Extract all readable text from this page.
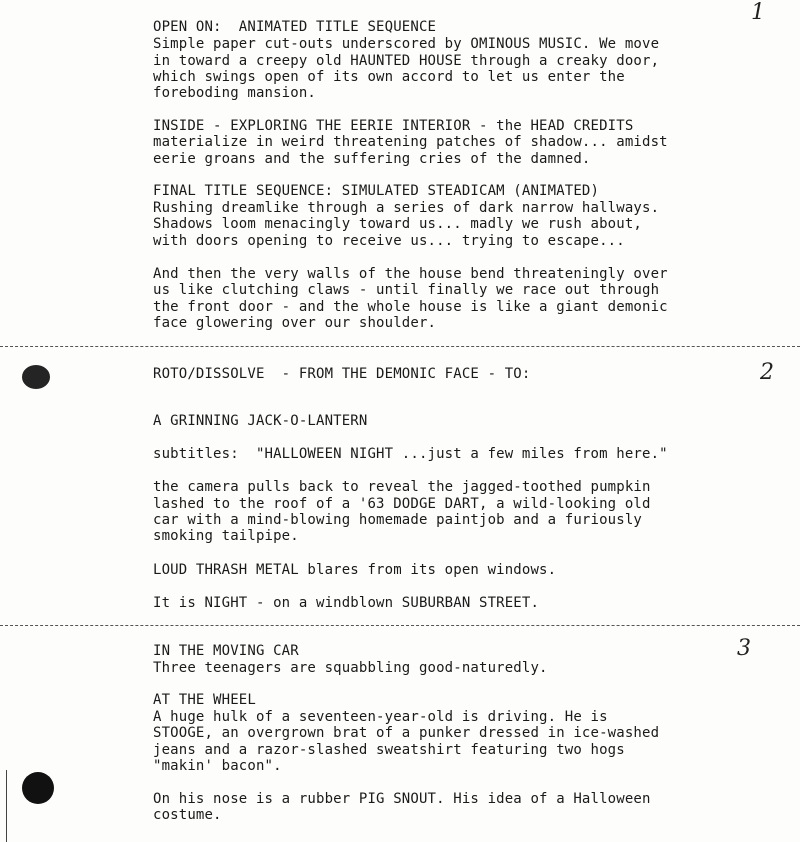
1
2
3
OPEN ON:  ANIMATED TITLE SEQUENCE
Simple paper cut-outs underscored by OMINOUS MUSIC. We move
in toward a creepy old HAUNTED HOUSE through a creaky door,
which swings open of its own accord to let us enter the
foreboding mansion.
INSIDE - EXPLORING THE EERIE INTERIOR - the HEAD CREDITS
materialize in weird threatening patches of shadow... amidst
eerie groans and the suffering cries of the damned.
FINAL TITLE SEQUENCE: SIMULATED STEADICAM (ANIMATED)
Rushing dreamlike through a series of dark narrow hallways.
Shadows loom menacingly toward us... madly we rush about,
with doors opening to receive us... trying to escape...
And then the very walls of the house bend threateningly over
us like clutching claws - until finally we race out through
the front door - and the whole house is like a giant demonic
face glowering over our shoulder.
ROTO/DISSOLVE  - FROM THE DEMONIC FACE - TO:
A GRINNING JACK-O-LANTERN
subtitles:  "HALLOWEEN NIGHT ...just a few miles from here."
the camera pulls back to reveal the jagged-toothed pumpkin
lashed to the roof of a '63 DODGE DART, a wild-looking old
car with a mind-blowing homemade paintjob and a furiously
smoking tailpipe.
LOUD THRASH METAL blares from its open windows.
It is NIGHT - on a windblown SUBURBAN STREET.
IN THE MOVING CAR
Three teenagers are squabbling good-naturedly.
AT THE WHEEL
A huge hulk of a seventeen-year-old is driving. He is
STOOGE, an overgrown brat of a punker dressed in ice-washed
jeans and a razor-slashed sweatshirt featuring two hogs
"makin' bacon".
On his nose is a rubber PIG SNOUT. His idea of a Halloween
costume.
